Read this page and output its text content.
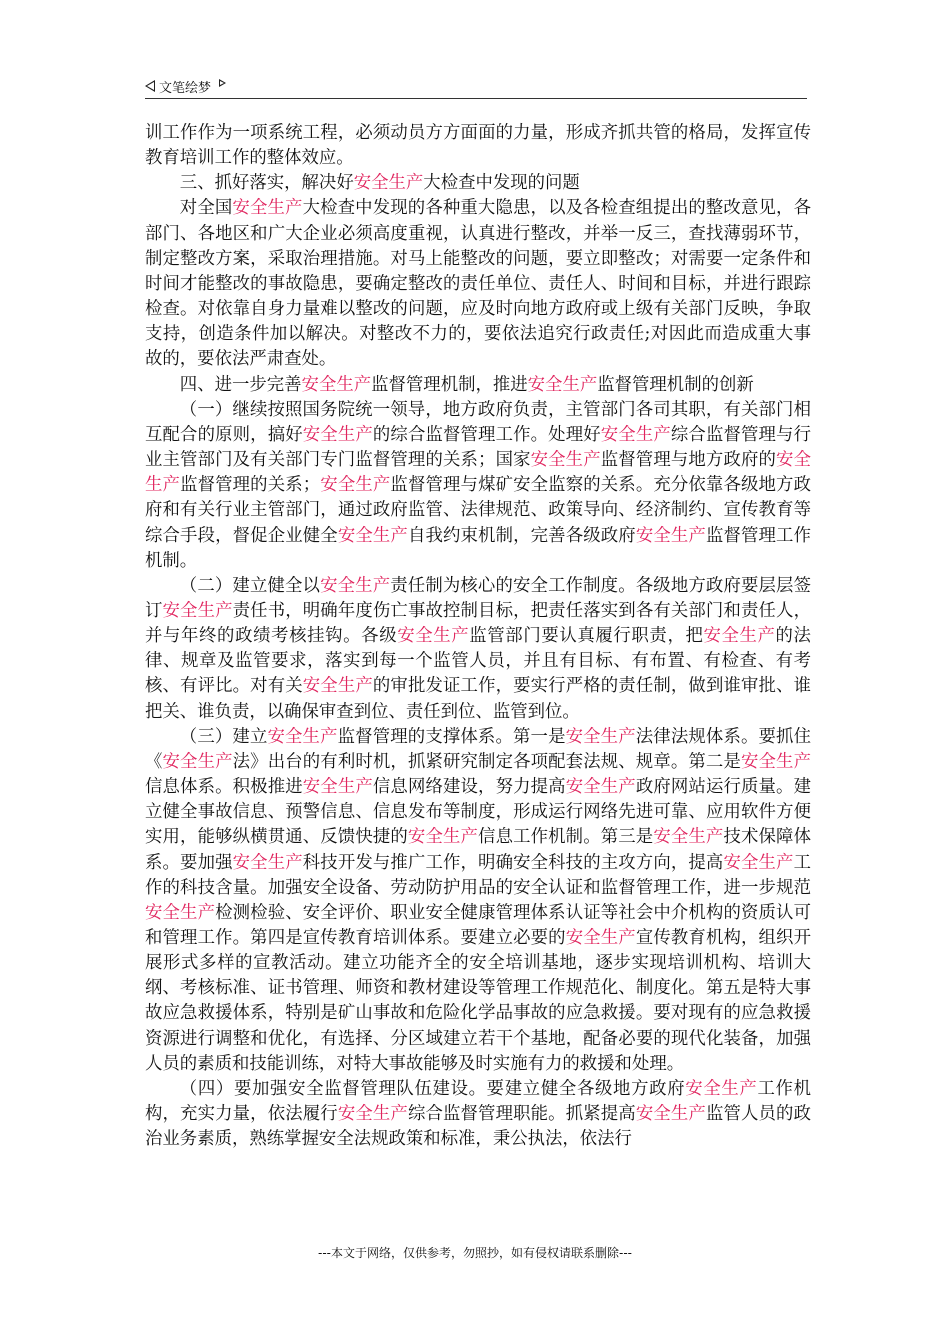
文笔绘梦

训工作作为一项系统工程，必须动员方方面面的力量，形成齐抓共管的格局，发挥宣传教育培训工作的整体效应。

三、抓好落实，解决好安全生产大检查中发现的问题

对全国安全生产大检查中发现的各种重大隐患，以及各检查组提出的整改意见，各部门、各地区和广大企业必须高度重视，认真进行整改，并举一反三，查找薄弱环节，制定整改方案，采取治理措施。对马上能整改的问题，要立即整改；对需要一定条件和时间才能整改的事故隐患，要确定整改的责任单位、责任人、时间和目标，并进行跟踪检查。对依靠自身力量难以整改的问题，应及时向地方政府或上级有关部门反映，争取支持，创造条件加以解决。对整改不力的，要依法追究行政责任;对因此而造成重大事故的，要依法严肃查处。

四、进一步完善安全生产监督管理机制，推进安全生产监督管理机制的创新

（一）继续按照国务院统一领导，地方政府负责，主管部门各司其职，有关部门相互配合的原则，搞好安全生产的综合监督管理工作。处理好安全生产综合监督管理与行业主管部门及有关部门专门监督管理的关系；国家安全生产监督管理与地方政府的安全生产监督管理的关系；安全生产监督管理与煤矿安全监察的关系。充分依靠各级地方政府和有关行业主管部门，通过政府监管、法律规范、政策导向、经济制约、宣传教育等综合手段，督促企业健全安全生产自我约束机制，完善各级政府安全生产监督管理工作机制。

（二）建立健全以安全生产责任制为核心的安全工作制度。各级地方政府要层层签订安全生产责任书，明确年度伤亡事故控制目标，把责任落实到各有关部门和责任人，并与年终的政绩考核挂钩。各级安全生产监管部门要认真履行职责，把安全生产的法律、规章及监管要求，落实到每一个监管人员，并且有目标、有布置、有检查、有考核、有评比。对有关安全生产的审批发证工作，要实行严格的责任制，做到谁审批、谁把关、谁负责，以确保审查到位、责任到位、监管到位。

（三）建立安全生产监督管理的支撑体系。第一是安全生产法律法规体系。要抓住《安全生产法》出台的有利时机，抓紧研究制定各项配套法规、规章。第二是安全生产信息体系。积极推进安全生产信息网络建设，努力提高安全生产政府网站运行质量。建立健全事故信息、预警信息、信息发布等制度，形成运行网络先进可靠、应用软件方便实用，能够纵横贯通、反馈快捷的安全生产信息工作机制。第三是安全生产技术保障体系。要加强安全生产科技开发与推广工作，明确安全科技的主攻方向，提高安全生产工作的科技含量。加强安全设备、劳动防护用品的安全认证和监督管理工作，进一步规范安全生产检测检验、安全评价、职业安全健康管理体系认证等社会中介机构的资质认可和管理工作。第四是宣传教育培训体系。要建立必要的安全生产宣传教育机构，组织开展形式多样的宣教活动。建立功能齐全的安全培训基地，逐步实现培训机构、培训大纲、考核标准、证书管理、师资和教材建设等管理工作规范化、制度化。第五是特大事故应急救援体系，特别是矿山事故和危险化学品事故的应急救援。要对现有的应急救援资源进行调整和优化，有选择、分区域建立若干个基地，配备必要的现代化装备，加强人员的素质和技能训练，对特大事故能够及时实施有力的救援和处理。

（四）要加强安全监督管理队伍建设。要建立健全各级地方政府安全生产工作机构，充实力量，依法履行安全生产综合监督管理职能。抓紧提高安全生产监管人员的政治业务素质，熟练掌握安全法规政策和标准，秉公执法，依法行

---本文于网络，仅供参考，勿照抄，如有侵权请联系删除---
